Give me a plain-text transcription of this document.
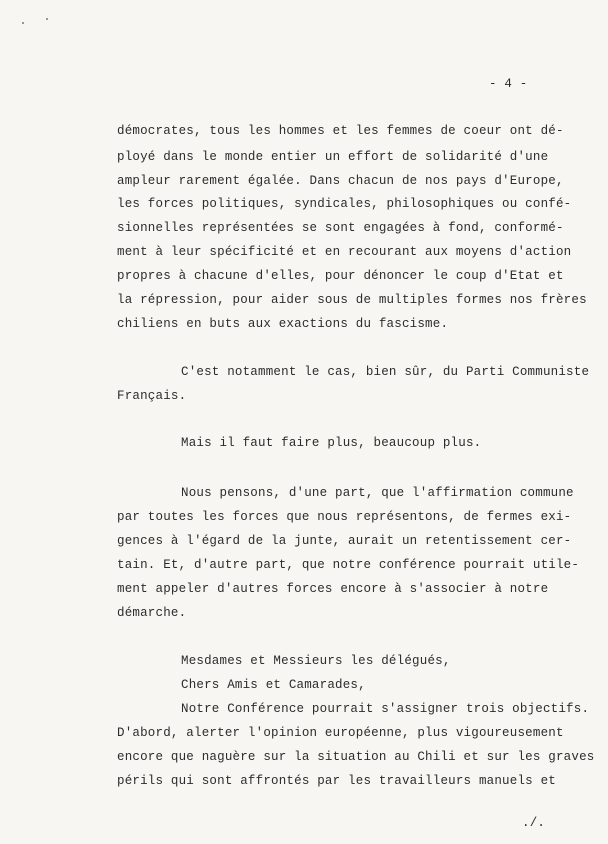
- 4 -
démocrates, tous les hommes et les femmes de coeur ont dé-
ployé dans le monde entier un effort de solidarité d'une
ampleur rarement égalée. Dans chacun de nos pays d'Europe,
les forces politiques, syndicales, philosophiques ou confé-
sionnelles représentées se sont engagées à fond, conformé-
ment à leur spécificité et en recourant aux moyens d'action
propres à chacune d'elles, pour dénoncer le coup d'Etat et
la répression, pour aider sous de multiples formes nos frères
chiliens en buts aux exactions du fascisme.
C'est notamment le cas, bien sûr, du Parti Communiste
Français.
Mais il faut faire plus, beaucoup plus.
Nous pensons, d'une part, que l'affirmation commune
par toutes les forces que nous représentons, de fermes exi-
gences à l'égard de la junte, aurait un retentissement cer-
tain. Et, d'autre part, que notre conférence pourrait utile-
ment appeler d'autres forces encore à s'associer à notre
démarche.
Mesdames et Messieurs les délégués,
Chers Amis et Camarades,
Notre Conférence pourrait s'assigner trois objectifs.
D'abord, alerter l'opinion européenne, plus vigoureusement
encore que naguère sur la situation au Chili et sur les graves
périls qui sont affrontés par les travailleurs manuels et
./.
